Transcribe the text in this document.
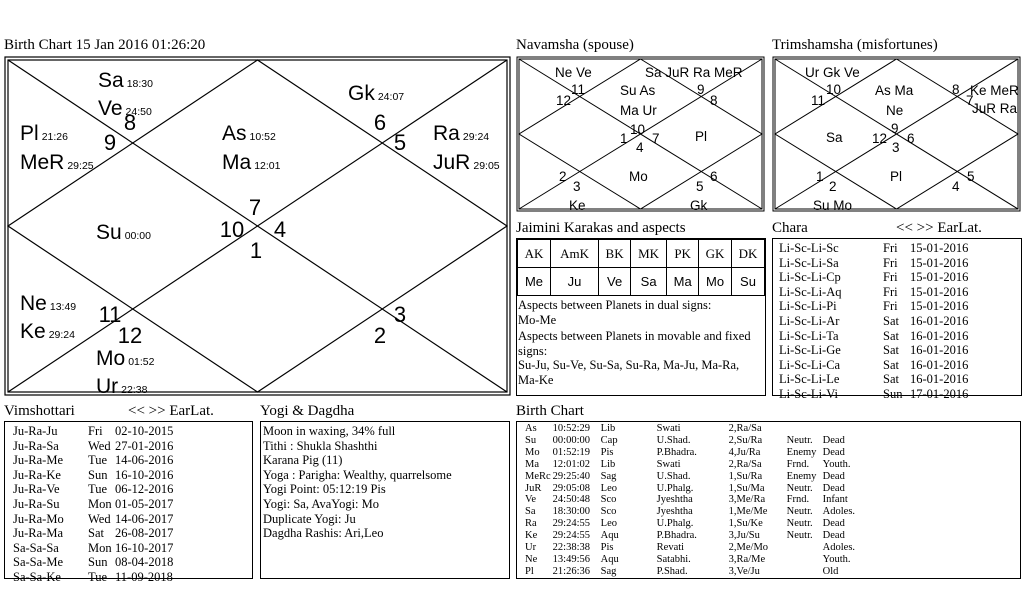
Birth Chart 15 Jan 2016 01:26:20
7
10 4
1
8
9
6
5
11
12
3
2
Sa 18:30
Ve 24:50
Gk 24:07
Pl 21:26
MeR 29:25
As 10:52
Ma 12:01
Ra 29:24
JuR 29:05
Su 00:00
Ne 13:49
Ke 29:24
Mo 01:52
Ur 22:38
Navamsha (spouse)
Ne Ve	Sa JuR Ra MeR
11
12
Su As
Ma Ur
9
8
10
1 7
4
Pl
Mo
2
3
6
5
Ke	Gk
Trimshamsha (misfortunes)
Ur Gk Ve
10
11
As Ma
Ne
8 Ke MeR
7
JuR Ra
Sa
9
12 6
3
1	Pl
2
5
4
Su Mo
Jaimini Karakas and aspects
AK	AmK	BK	MK	PK	GK	DK
Me	Ju	Ve	Sa	Ma	Mo	Su
Aspects between Planets in dual signs:
Mo-Me
Aspects between Planets in movable and fixed signs:
Su-Ju, Su-Ve, Su-Sa, Su-Ra, Ma-Ju, Ma-Ra, Ma-Ke
Chara	<< >> EarLat.
Li-Sc-Li-Sc	Fri	15-01-2016
Li-Sc-Li-Sa	Fri	15-01-2016
Li-Sc-Li-Cp	Fri	15-01-2016
Li-Sc-Li-Aq	Fri	15-01-2016
Li-Sc-Li-Pi	Fri	15-01-2016
Li-Sc-Li-Ar	Sat	16-01-2016
Li-Sc-Li-Ta	Sat	16-01-2016
Li-Sc-Li-Ge	Sat	16-01-2016
Li-Sc-Li-Ca	Sat	16-01-2016
Li-Sc-Li-Le	Sat	16-01-2016
Li-Sc-Li-Vi	Sun	17-01-2016
Vimshottari	<< >> EarLat.
Ju-Ra-Ju	Fri	02-10-2015
Ju-Ra-Sa	Wed	27-01-2016
Ju-Ra-Me	Tue	14-06-2016
Ju-Ra-Ke	Sun	16-10-2016
Ju-Ra-Ve	Tue	06-12-2016
Ju-Ra-Su	Mon	01-05-2017
Ju-Ra-Mo	Wed	14-06-2017
Ju-Ra-Ma	Sat	26-08-2017
Sa-Sa-Sa	Mon	16-10-2017
Sa-Sa-Me	Sun	08-04-2018
Sa-Sa-Ke	Tue	11-09-2018
Yogi & Dagdha
Moon in waxing, 34% full
Tithi : Shukla Shashthi
Karana Pig (11)
Yoga : Parigha: Wealthy, quarrelsome
Yogi Point: 05:12:19 Pis
Yogi: Sa, AvaYogi: Mo
Duplicate Yogi: Ju
Dagdha Rashis: Ari,Leo
Birth Chart
As	10:52:29	Lib	Swati	2,Ra/Sa		
Su	00:00:00	Cap	U.Shad.	2,Su/Ra	Neutr.	Dead
Mo	01:52:19	Pis	P.Bhadra.	4,Ju/Ra	Enemy	Dead
Ma	12:01:02	Lib	Swati	2,Ra/Sa	Frnd.	Youth.
MeRc	29:25:40	Sag	U.Shad.	1,Su/Ra	Enemy	Dead
JuR	29:05:08	Leo	U.Phalg.	1,Su/Ma	Neutr.	Dead
Ve	24:50:48	Sco	Jyeshtha	3,Me/Ra	Frnd.	Infant
Sa	18:30:00	Sco	Jyeshtha	1,Me/Me	Neutr.	Adoles.
Ra	29:24:55	Leo	U.Phalg.	1,Su/Ke	Neutr.	Dead
Ke	29:24:55	Aqu	P.Bhadra.	3,Ju/Su	Neutr.	Dead
Ur	22:38:38	Pis	Revati	2,Me/Mo		Adoles.
Ne	13:49:56	Aqu	Satabhi.	3,Ra/Me		Youth.
Pl	21:26:36	Sag	P.Shad.	3,Ve/Ju		Old
